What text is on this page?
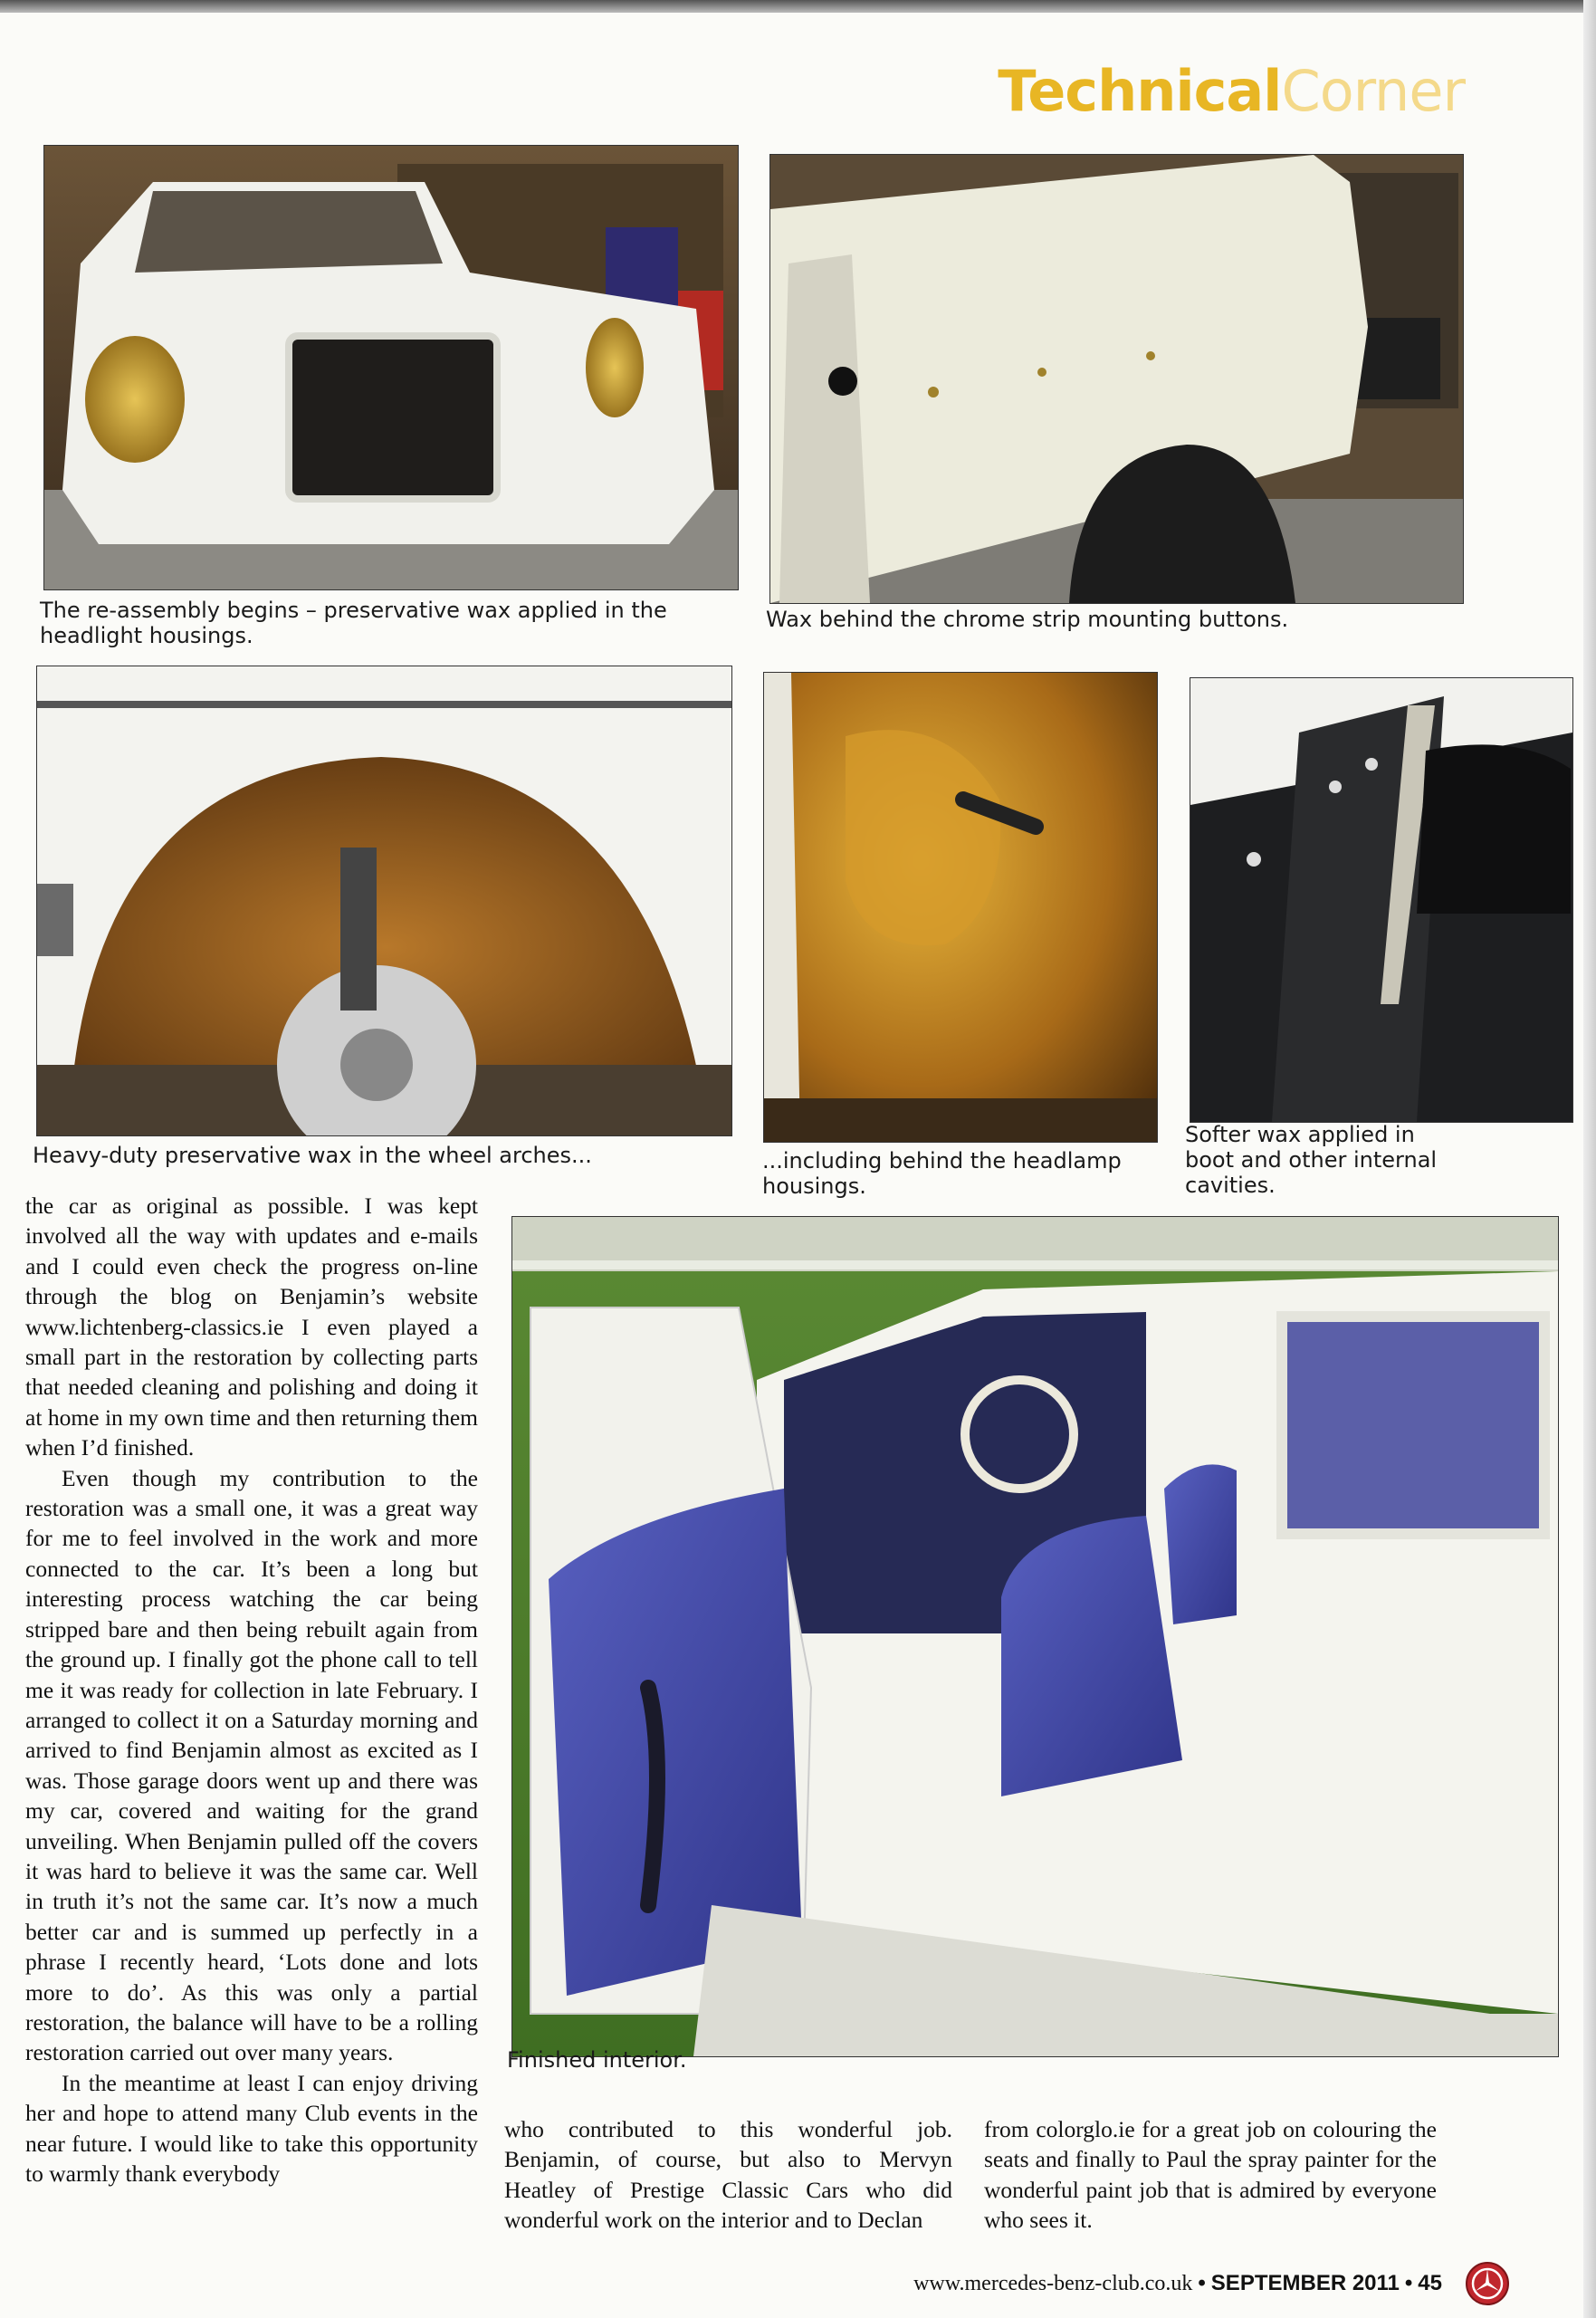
TechnicalCorner
The re-assembly begins – preservative wax applied in the headlight housings.
Wax behind the chrome strip mounting buttons.
Heavy-duty preservative wax in the wheel arches...	...including behind the headlamp housings.
Softer wax applied in boot and other internal cavities.
Finished interior.

the car as original as possible. I was kept involved all the way with updates and e-mails and I could even check the progress on-line through the blog on Benjamin’s website www.lichtenberg-classics.ie I even played a small part in the restoration by collecting parts that needed cleaning and polishing and doing it at home in my own time and then returning them when I’d finished.

Even though my contribution to the restoration was a small one, it was a great way for me to feel involved in the work and more connected to the car. It’s been a long but interesting process watching the car being stripped bare and then being rebuilt again from the ground up. I finally got the phone call to tell me it was ready for collection in late February. I arranged to collect it on a Saturday morning and arrived to find Benjamin almost as excited as I was. Those garage doors went up and there was my car, covered and waiting for the grand unveiling. When Benjamin pulled off the covers it was hard to believe it was the same car. Well in truth it’s not the same car. It’s now a much better car and is summed up perfectly in a phrase I recently heard, ‘Lots done and lots more to do’. As this was only a partial restoration, the balance will have to be a rolling restoration carried out over many years.

In the meantime at least I can enjoy driving her and hope to attend many Club events in the near future. I would like to take this opportunity to warmly thank everybody

who contributed to this wonderful job. Benjamin, of course, but also to Mervyn Heatley of Prestige Classic Cars who did wonderful work on the interior and to Declan

from colorglo.ie for a great job on colouring the seats and finally to Paul the spray painter for the wonderful paint job that is admired by everyone who sees it.

www.mercedes-benz-club.co.uk • SEPTEMBER 2011 • 45
